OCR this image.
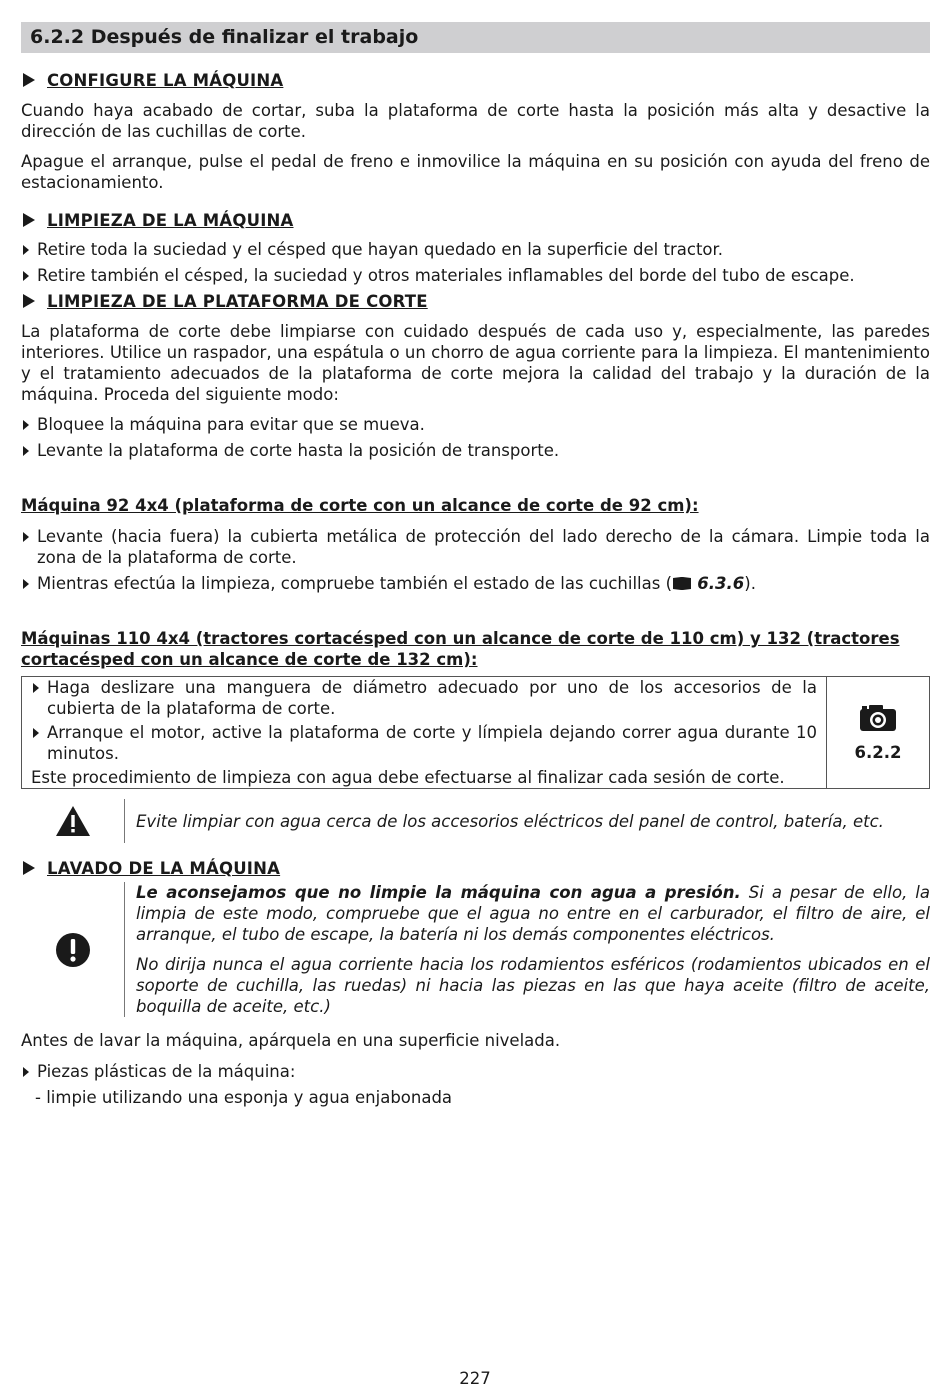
6.2.2 Después de finalizar el trabajo
CONFIGURE LA MÁQUINA

Cuando haya acabado de cortar, suba la plataforma de corte hasta la posición más alta y desactive la dirección de las cuchillas de corte.

Apague el arranque, pulse el pedal de freno e inmovilice la máquina en su posición con ayuda del freno de estacionamiento.

LIMPIEZA DE LA MÁQUINA
Retire toda la suciedad y el césped que hayan quedado en la superficie del tractor.
Retire también el césped, la suciedad y otros materiales inflamables del borde del tubo de escape.
LIMPIEZA DE LA PLATAFORMA DE CORTE

La plataforma de corte debe limpiarse con cuidado después de cada uso y, especialmente, las paredes interiores. Utilice un raspador, una espátula o un chorro de agua corriente para la limpieza. El mantenimiento y el tratamiento adecuados de la plataforma de corte mejora la calidad del trabajo y la duración de la máquina. Proceda del siguiente modo:

Bloquee la máquina para evitar que se mueva.
Levante la plataforma de corte hasta la posición de transporte.
Máquina 92 4x4 (plataforma de corte con un alcance de corte de 92 cm):
Levante (hacia fuera) la cubierta metálica de protección del lado derecho de la cámara. Limpie toda la zona de la plataforma de corte.
Mientras efectúa la limpieza, compruebe también el estado de las cuchillas ( 6.3.6).
Máquinas 110 4x4 (tractores cortacésped con un alcance de corte de 110 cm) y 132 (tractores cortacésped con un alcance de corte de 132 cm):
Haga deslizare una manguera de diámetro adecuado por uno de los accesorios de la cubierta de la plataforma de corte.
Arranque el motor, active la plataforma de corte y límpiela dejando correr agua durante 10 minutos.

Este procedimiento de limpieza con agua debe efectuarse al finalizar cada sesión de corte.

6.2.2

Evite limpiar con agua cerca de los accesorios eléctricos del panel de control, batería, etc.

LAVADO DE LA MÁQUINA

Le aconsejamos que no limpie la máquina con agua a presión. Si a pesar de ello, la limpia de este modo, compruebe que el agua no entre en el carburador, el filtro de aire, el arranque, el tubo de escape, la batería ni los demás componentes eléctricos.

No dirija nunca el agua corriente hacia los rodamientos esféricos (rodamientos ubicados en el soporte de cuchilla, las ruedas) ni hacia las piezas en las que haya aceite (filtro de aceite, boquilla de aceite, etc.)

Antes de lavar la máquina, apárquela en una superficie nivelada.

Piezas plásticas de la máquina:
- limpie utilizando una esponja y agua enjabonada
227
